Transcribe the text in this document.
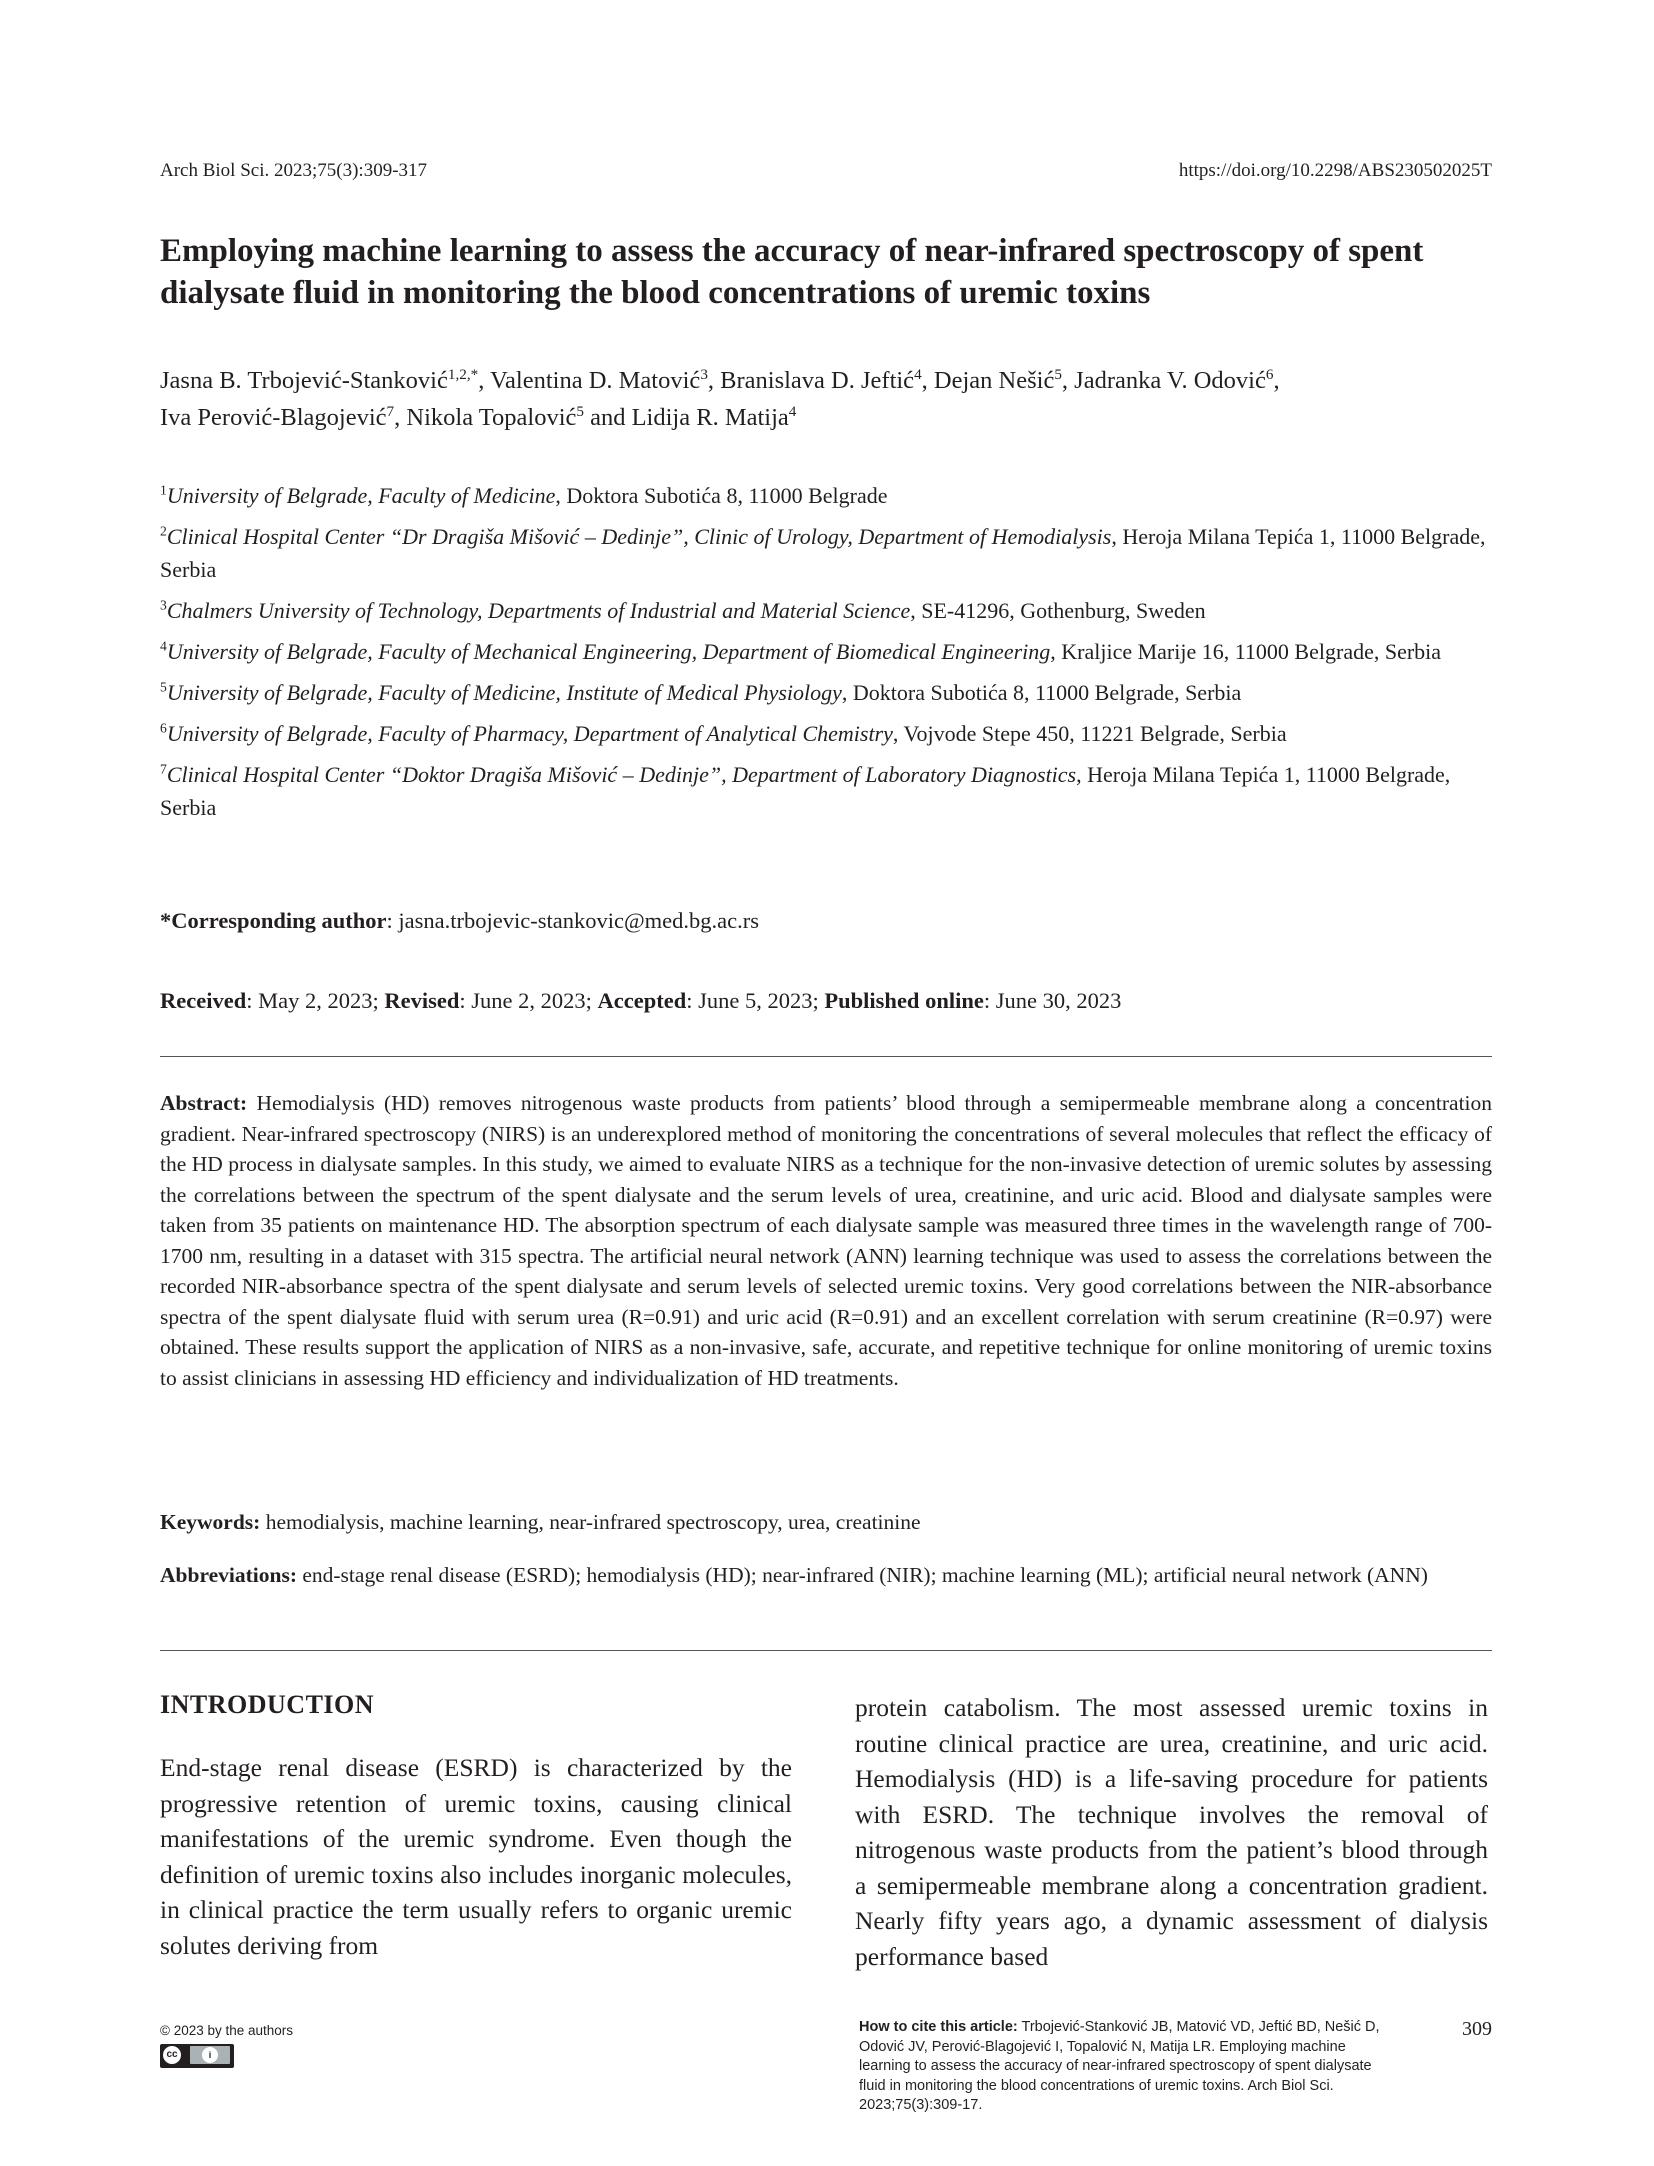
Arch Biol Sci. 2023;75(3):309-317	https://doi.org/10.2298/ABS230502025T
Employing machine learning to assess the accuracy of near-infrared spectroscopy of spent dialysate fluid in monitoring the blood concentrations of uremic toxins
Jasna B. Trbojević-Stanković$^{1,2,*}$, Valentina D. Matović$^3$, Branislava D. Jeftić$^4$, Dejan Nešić$^5$, Jadranka V. Odović$^6$,
Iva Perović-Blagojević$^7$, Nikola Topalović$^5$ and Lidija R. Matija$^4$
$^1$University of Belgrade, Faculty of Medicine, Doktora Subotića 8, 11000 Belgrade
$^2$Clinical Hospital Center “Dr Dragiša Mišović – Dedinje”, Clinic of Urology, Department of Hemodialysis, Heroja Milana Tepića 1, 11000 Belgrade, Serbia
$^3$Chalmers University of Technology, Departments of Industrial and Material Science, SE-41296, Gothenburg, Sweden
$^4$University of Belgrade, Faculty of Mechanical Engineering, Department of Biomedical Engineering, Kraljice Marije 16, 11000 Belgrade, Serbia
$^5$University of Belgrade, Faculty of Medicine, Institute of Medical Physiology, Doktora Subotića 8, 11000 Belgrade, Serbia
$^6$University of Belgrade, Faculty of Pharmacy, Department of Analytical Chemistry, Vojvode Stepe 450, 11221 Belgrade, Serbia
$^7$Clinical Hospital Center “Doktor Dragiša Mišović – Dedinje”, Department of Laboratory Diagnostics, Heroja Milana Tepića 1, 11000 Belgrade, Serbia
*Corresponding author: jasna.trbojevic-stankovic@med.bg.ac.rs
Received: May 2, 2023; Revised: June 2, 2023; Accepted: June 5, 2023; Published online: June 30, 2023
Abstract: Hemodialysis (HD) removes nitrogenous waste products from patients’ blood through a semipermeable membrane along a concentration gradient. Near-infrared spectroscopy (NIRS) is an underexplored method of monitoring the concentrations of several molecules that reflect the efficacy of the HD process in dialysate samples. In this study, we aimed to evaluate NIRS as a technique for the non-invasive detection of uremic solutes by assessing the correlations between the spectrum of the spent dialysate and the serum levels of urea, creatinine, and uric acid. Blood and dialysate samples were taken from 35 patients on maintenance HD. The absorption spectrum of each dialysate sample was measured three times in the wavelength range of 700-1700 nm, resulting in a dataset with 315 spectra. The artificial neural network (ANN) learning technique was used to assess the correlations between the recorded NIR-absorbance spectra of the spent dialysate and serum levels of selected uremic toxins. Very good correlations between the NIR-absorbance spectra of the spent dialysate fluid with serum urea (R=0.91) and uric acid (R=0.91) and an excellent correlation with serum creatinine (R=0.97) were obtained. These results support the application of NIRS as a non-invasive, safe, accurate, and repetitive technique for online monitoring of uremic toxins to assist clinicians in assessing HD efficiency and individualization of HD treatments.
Keywords: hemodialysis, machine learning, near-infrared spectroscopy, urea, creatinine
Abbreviations: end-stage renal disease (ESRD); hemodialysis (HD); near-infrared (NIR); machine learning (ML); artificial neural network (ANN)
INTRODUCTION
End-stage renal disease (ESRD) is characterized by the progressive retention of uremic toxins, causing clinical manifestations of the uremic syndrome. Even though the definition of uremic toxins also includes inorganic molecules, in clinical practice the term usually refers to organic uremic solutes deriving from
protein catabolism. The most assessed uremic toxins in routine clinical practice are urea, creatinine, and uric acid. Hemodialysis (HD) is a life-saving procedure for patients with ESRD. The technique involves the removal of nitrogenous waste products from the patient’s blood through a semipermeable membrane along a concentration gradient. Nearly fifty years ago, a dynamic assessment of dialysis performance based
© 2023 by the authors
cc	i
How to cite this article: Trbojević-Stanković JB, Matović VD, Jeftić BD, Nešić D, Odović JV, Perović-Blagojević I, Topalović N, Matija LR. Employing machine learning to assess the accuracy of near-infrared spectroscopy of spent dialysate fluid in monitoring the blood concentrations of uremic toxins. Arch Biol Sci. 2023;75(3):309-17.
309
